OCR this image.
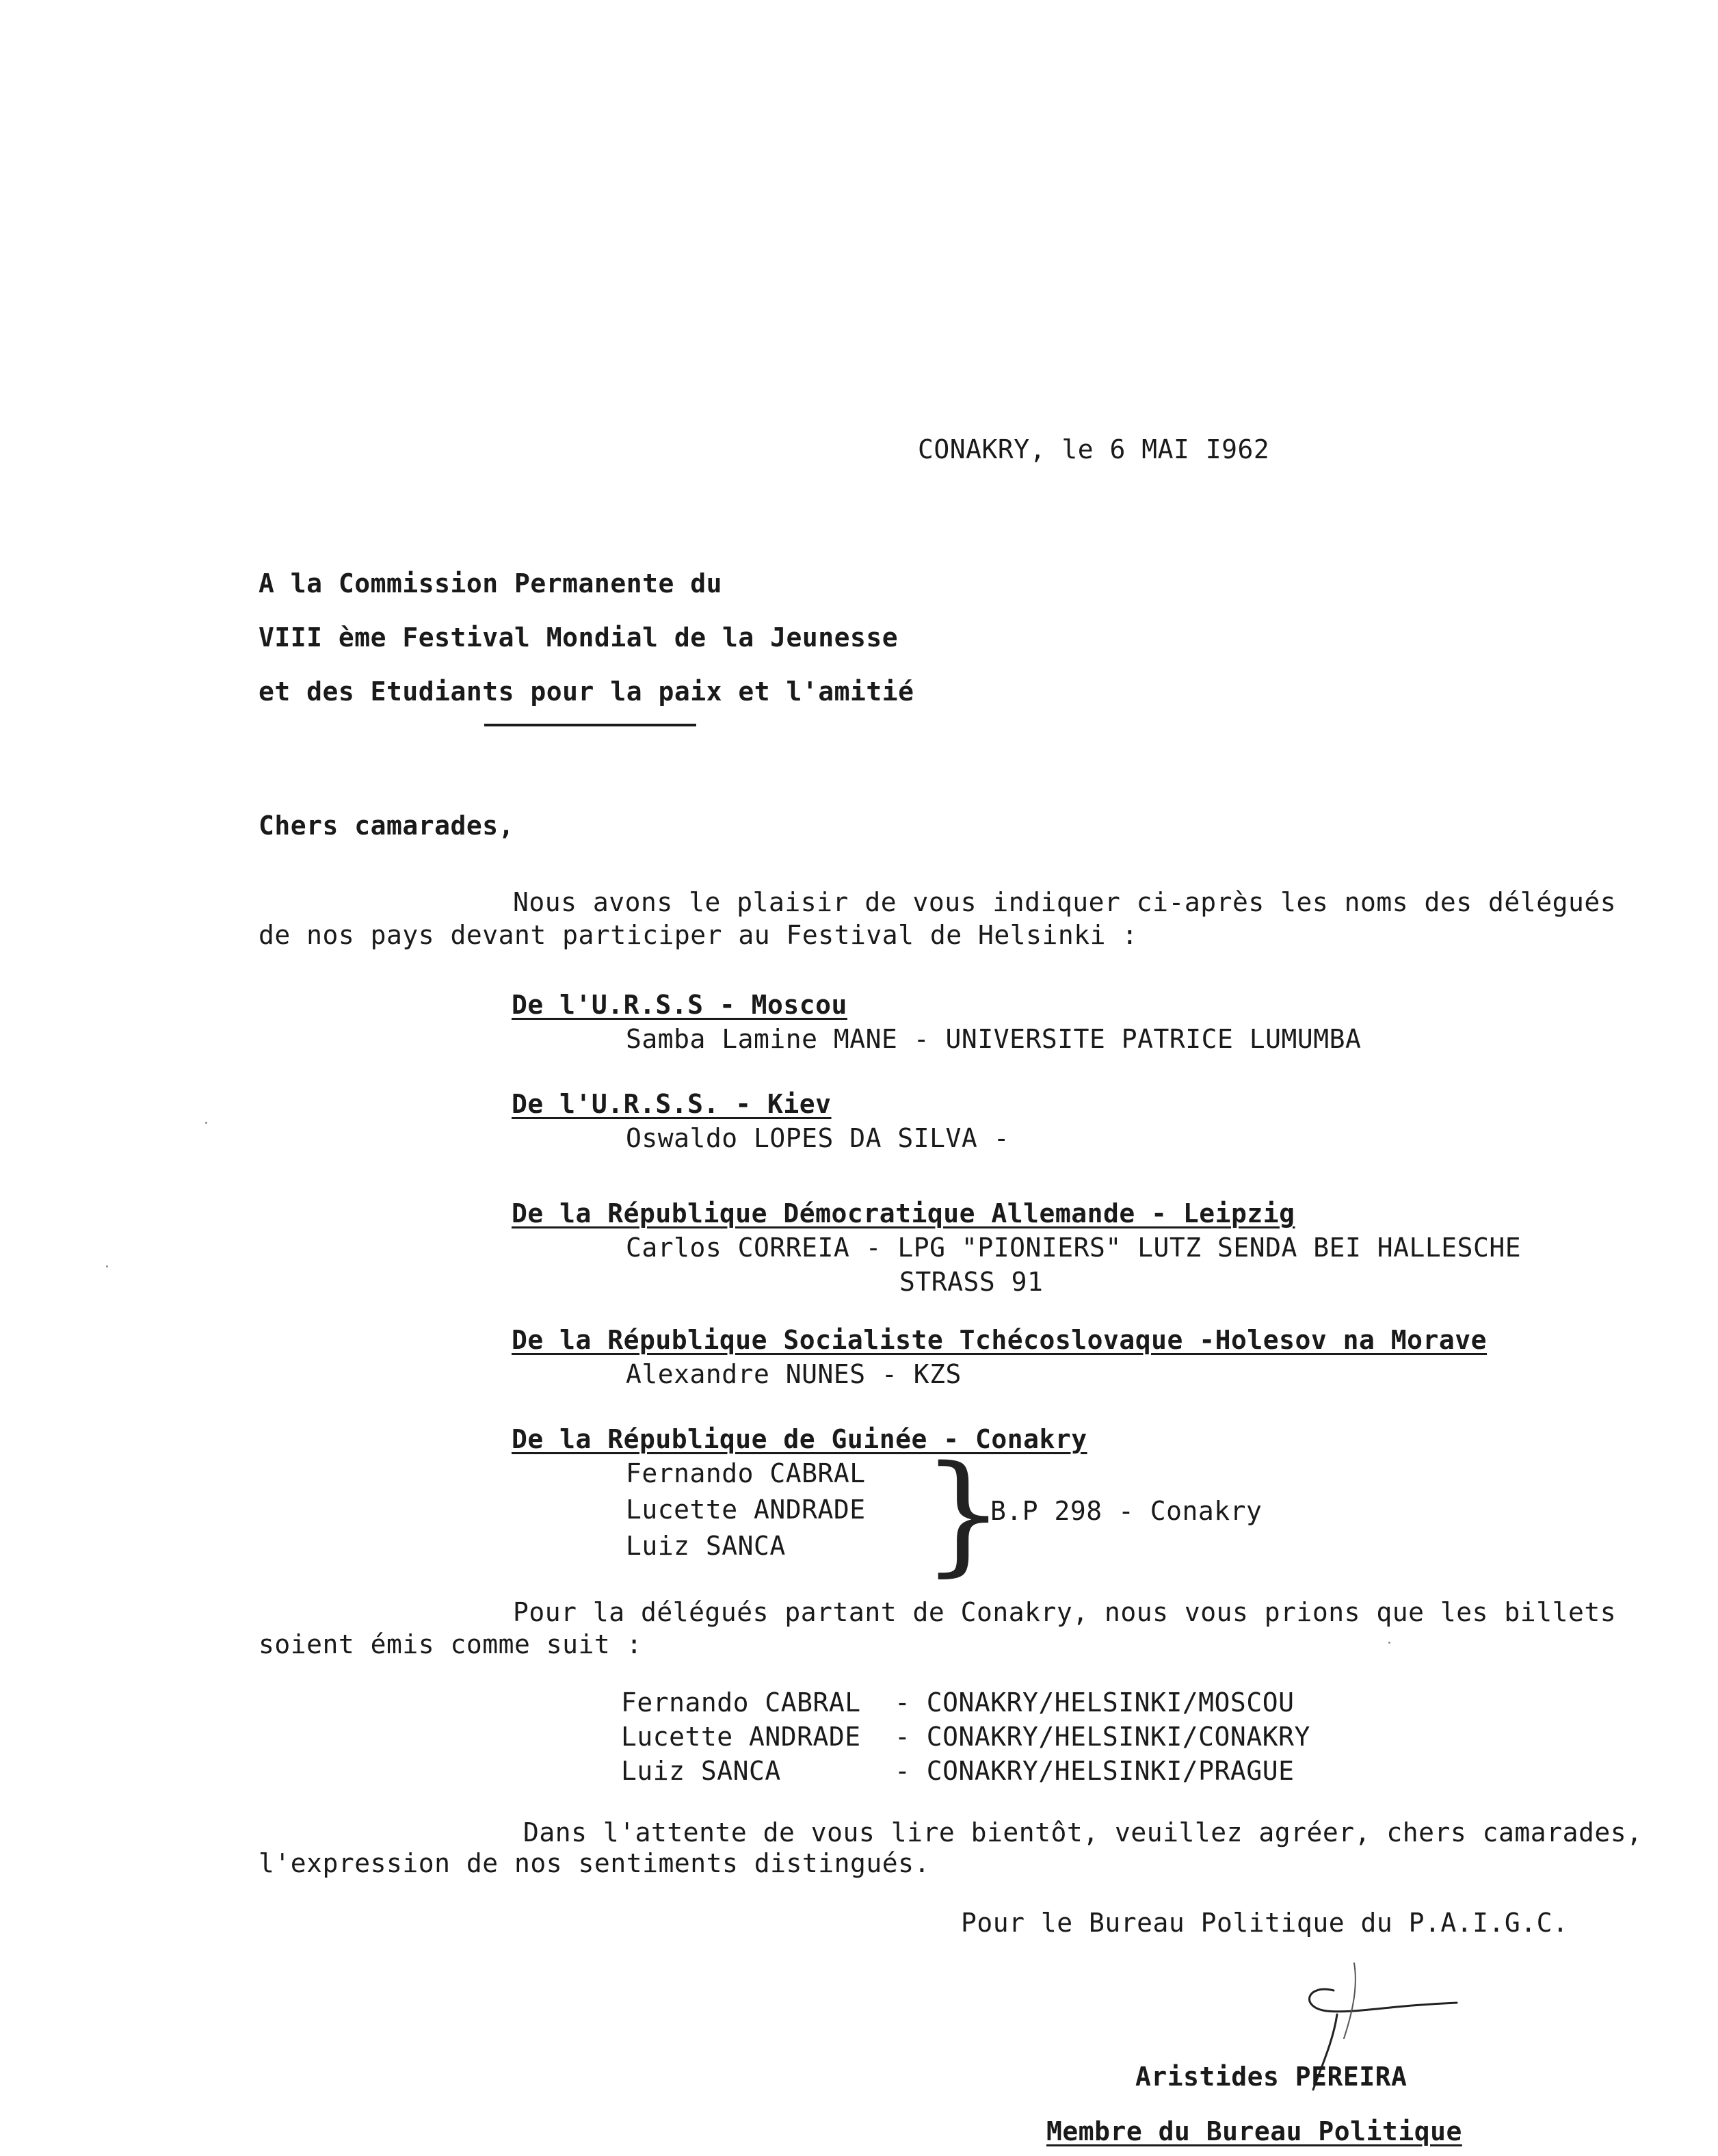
CONAKRY, le 6 MAI I962
A la Commission Permanente du
VIII ème Festival Mondial de la Jeunesse
et des Etudiants pour la paix et l'amitié
Chers camarades,
Nous avons le plaisir de vous indiquer ci-après les noms des délégués
de nos pays devant participer au Festival de Helsinki :
De l'U.R.S.S - Moscou
Samba Lamine MANE - UNIVERSITE PATRICE LUMUMBA
De l'U.R.S.S. - Kiev
Oswaldo LOPES DA SILVA -
De la République Démocratique Allemande - Leipzig
Carlos CORREIA - LPG "PIONIERS" LUTZ SENDA BEI HALLESCHE
STRASS 91
De la République Socialiste Tchécoslovaque -Holesov na Morave
Alexandre NUNES - KZS
De la République de Guinée - Conakry
Fernando CABRAL
Lucette ANDRADE
Luiz SANCA }
B.P 298 - Conakry
Pour la délégués partant de Conakry, nous vous prions que les billets
soient émis comme suit :
Fernando CABRAL - CONAKRY/HELSINKI/MOSCOU
Lucette ANDRADE - CONAKRY/HELSINKI/CONAKRY
Luiz SANCA	- CONAKRY/HELSINKI/PRAGUE
Dans l'attente de vous lire bientôt, veuillez agréer, chers camarades,
l'expression de nos sentiments distingués.
Pour le Bureau Politique du P.A.I.G.C.
Aristides PEREIRA
Membre du Bureau Politique
